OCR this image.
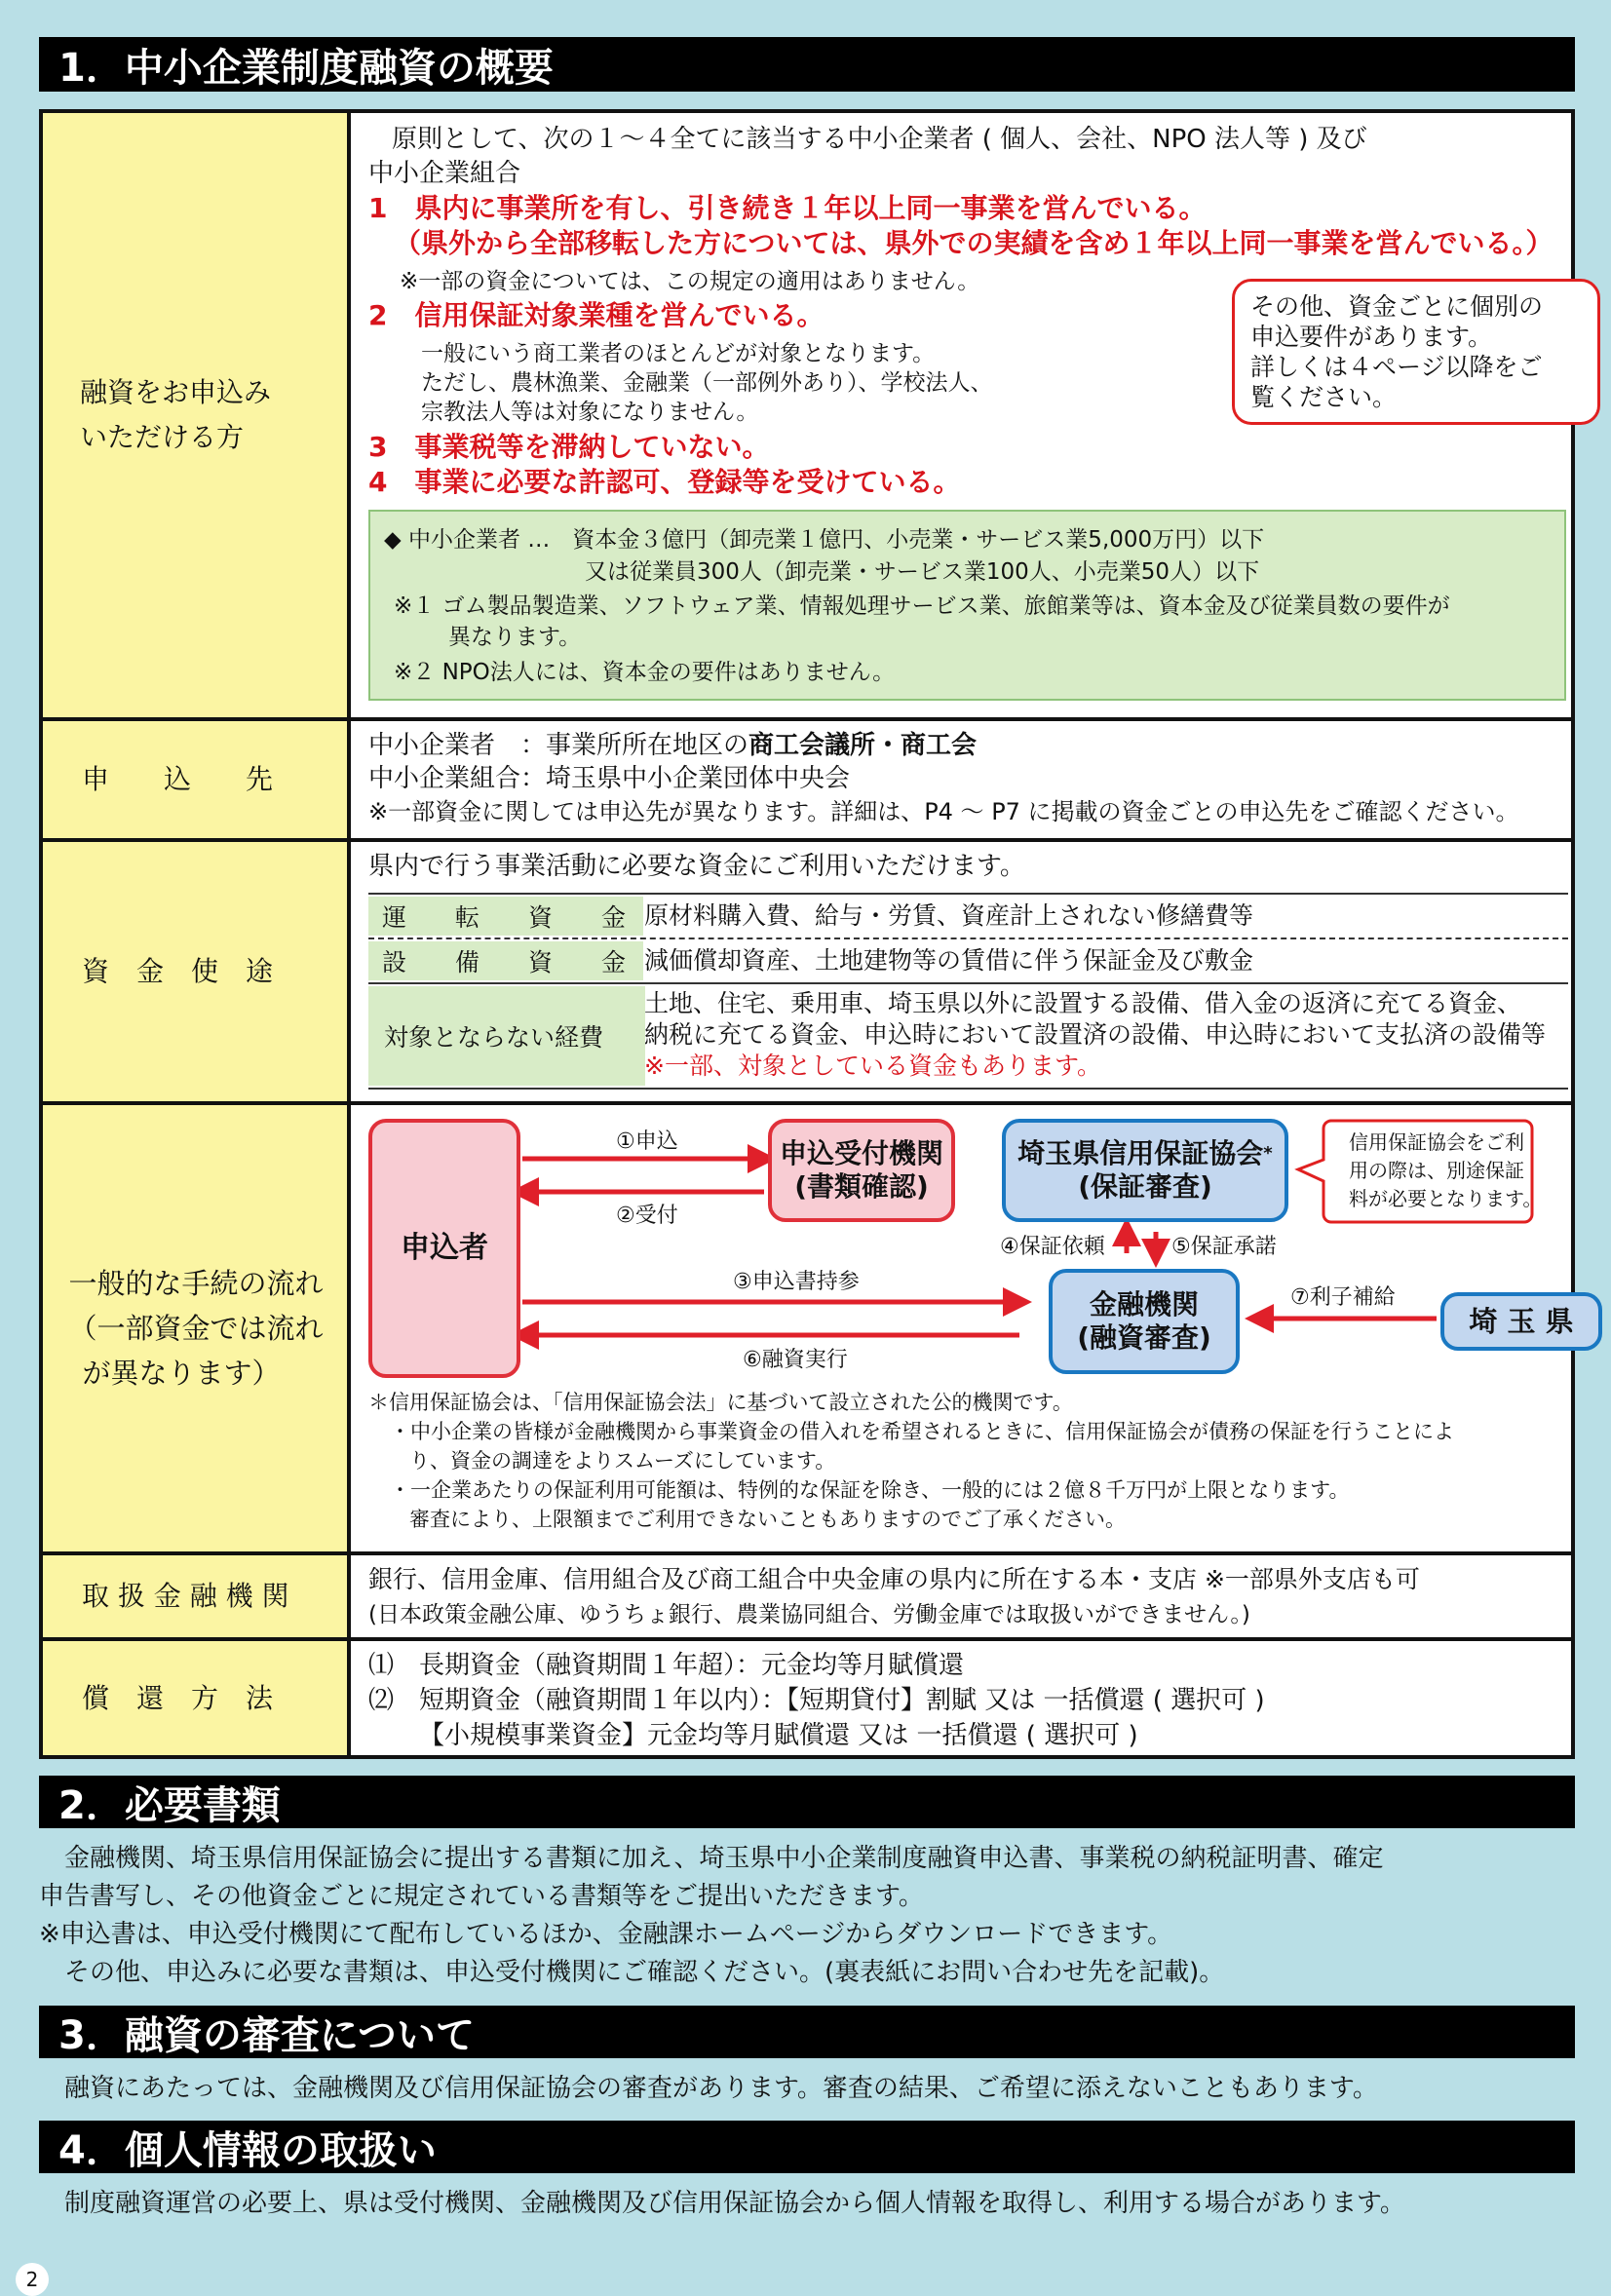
1．中小企業制度融資の概要
融資をお申込み
いただける方
原則として、次の１～４全てに該当する中小企業者 ( 個人、会社、NPO 法人等 ) 及び
中小企業組合
1　県内に事業所を有し、引き続き１年以上同一事業を営んでいる。
（県外から全部移転した方については、県外での実績を含め１年以上同一事業を営んでいる。）
※一部の資金については、この規定の適用はありません。
2　信用保証対象業種を営んでいる。
一般にいう商工業者のほとんどが対象となります。
ただし、農林漁業、金融業（一部例外あり）、学校法人、
宗教法人等は対象になりません。
3　事業税等を滞納していない。
4　事業に必要な許認可、登録等を受けている。
その他、資金ごとに個別の
申込要件があります。
詳しくは４ページ以降をご
覧ください。
◆ 中小企業者 …　資本金３億円（卸売業１億円、小売業・サービス業5,000万円）以下
又は従業員300人（卸売業・サービス業100人、小売業50人）以下
※１ ゴム製品製造業、ソフトウェア業、情報処理サービス業、旅館業等は、資本金及び従業員数の要件が
異なります。
※２ NPO法人には、資本金の要件はありません。
申　　込　　先
中小企業者　：事業所所在地区の商工会議所・商工会
中小企業組合：埼玉県中小企業団体中央会
※一部資金に関しては申込先が異なります。詳細は、P4 ～ P7 に掲載の資金ごとの申込先をご確認ください。
資　金　使　途
県内で行う事業活動に必要な資金にご利用いただけます。
運　　転　　資　　金 原材料購入費、給与・労賃、資産計上されない修繕費等
設　　備　　資　　金 減価償却資産、土地建物等の賃借に伴う保証金及び敷金
対象とならない経費
土地、住宅、乗用車、埼玉県以外に設置する設備、借入金の返済に充てる資金、
納税に充てる資金、申込時において設置済の設備、申込時において支払済の設備等
※一部、対象としている資金もあります。
一般的な手続の流れ
（一部資金では流れ
が異なります）
申込者
申込受付機関
(書類確認)
埼玉県信用保証協会*
(保証審査)
金融機関
(融資審査)	埼 玉 県
信用保証協会をご利
用の際は、別途保証
料が必要となります。
①申込
②受付
③申込書持参
④保証依頼	⑤保証承諾
⑥融資実行
⑦利子補給
＊信用保証協会は、「信用保証協会法」に基づいて設立された公的機関です。
・中小企業の皆様が金融機関から事業資金の借入れを希望されるときに、信用保証協会が債務の保証を行うことによ
り、資金の調達をよりスムーズにしています。
・一企業あたりの保証利用可能額は、特例的な保証を除き、一般的には２億８千万円が上限となります。
審査により、上限額までご利用できないこともありますのでご了承ください。
取 扱 金 融 機 関
銀行、信用金庫、信用組合及び商工組合中央金庫の県内に所在する本・支店 ※一部県外支店も可
(日本政策金融公庫、ゆうちょ銀行、農業協同組合、労働金庫では取扱いができません。)
償　還　方　法
⑴　長期資金（融資期間１年超）：元金均等月賦償還
⑵　短期資金（融資期間１年以内）：【短期貸付】割賦 又は 一括償還 ( 選択可 )
【小規模事業資金】元金均等月賦償還 又は 一括償還 ( 選択可 )
2．必要書類
　金融機関、埼玉県信用保証協会に提出する書類に加え、埼玉県中小企業制度融資申込書、事業税の納税証明書、確定
申告書写し、その他資金ごとに規定されている書類等をご提出いただきます。
※申込書は、申込受付機関にて配布しているほか、金融課ホームページからダウンロードできます。
　その他、申込みに必要な書類は、申込受付機関にご確認ください。(裏表紙にお問い合わせ先を記載)。
3．融資の審査について
　融資にあたっては、金融機関及び信用保証協会の審査があります。審査の結果、ご希望に添えないこともあります。
4．個人情報の取扱い
　制度融資運営の必要上、県は受付機関、金融機関及び信用保証協会から個人情報を取得し、利用する場合があります。
2
